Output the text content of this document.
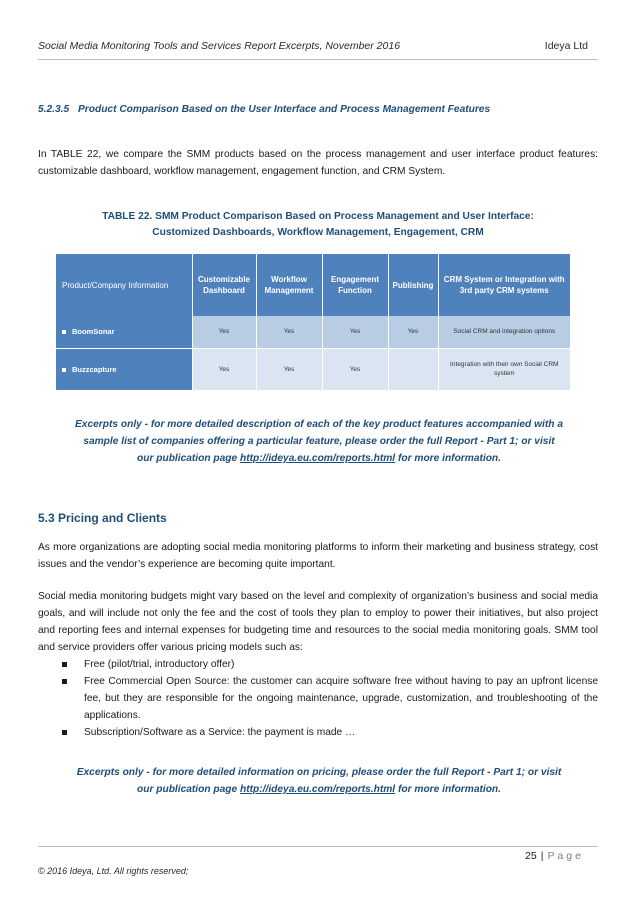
Social Media Monitoring Tools and Services Report Excerpts, November 2016	Ideya Ltd
5.2.3.5 Product Comparison Based on the User Interface and Process Management Features

In TABLE 22, we compare the SMM products based on the process management and user interface product features: customizable dashboard, workflow management, engagement function, and CRM System.

TABLE 22. SMM Product Comparison Based on Process Management and User Interface:
Customized Dashboards, Workflow Management, Engagement, CRM
Product/Company Information	Customizable Dashboard	Workflow Management	Engagement Function	Publishing	CRM System or Integration with 3rd party CRM systems
BoomSonar	Yes	Yes	Yes	Yes	Social CRM and integration options
Buzzcapture	Yes	Yes	Yes		Integration with their own Social CRM system
Excerpts only - for more detailed description of each of the key product features accompanied with a
sample list of companies offering a particular feature, please order the full Report - Part 1; or visit
our publication page http://ideya.eu.com/reports.html for more information.
5.3 Pricing and Clients

As more organizations are adopting social media monitoring platforms to inform their marketing and business strategy, cost issues and the vendor’s experience are becoming quite important.

Social media monitoring budgets might vary based on the level and complexity of organization’s business and social media goals, and will include not only the fee and the cost of tools they plan to employ to power their initiatives, but also project and reporting fees and internal expenses for budgeting time and resources to the social media monitoring goals. SMM tool and service providers offer various pricing models such as:

Free (pilot/trial, introductory offer)
Free Commercial Open Source: the customer can acquire software free without having to pay an upfront license fee, but they are responsible for the ongoing maintenance, upgrade, customization, and troubleshooting of the applications.
Subscription/Software as a Service: the payment is made …
Excerpts only - for more detailed information on pricing, please order the full Report - Part 1; or visit
our publication page http://ideya.eu.com/reports.html for more information.
25 | Page
© 2016 Ideya, Ltd. All rights reserved;
